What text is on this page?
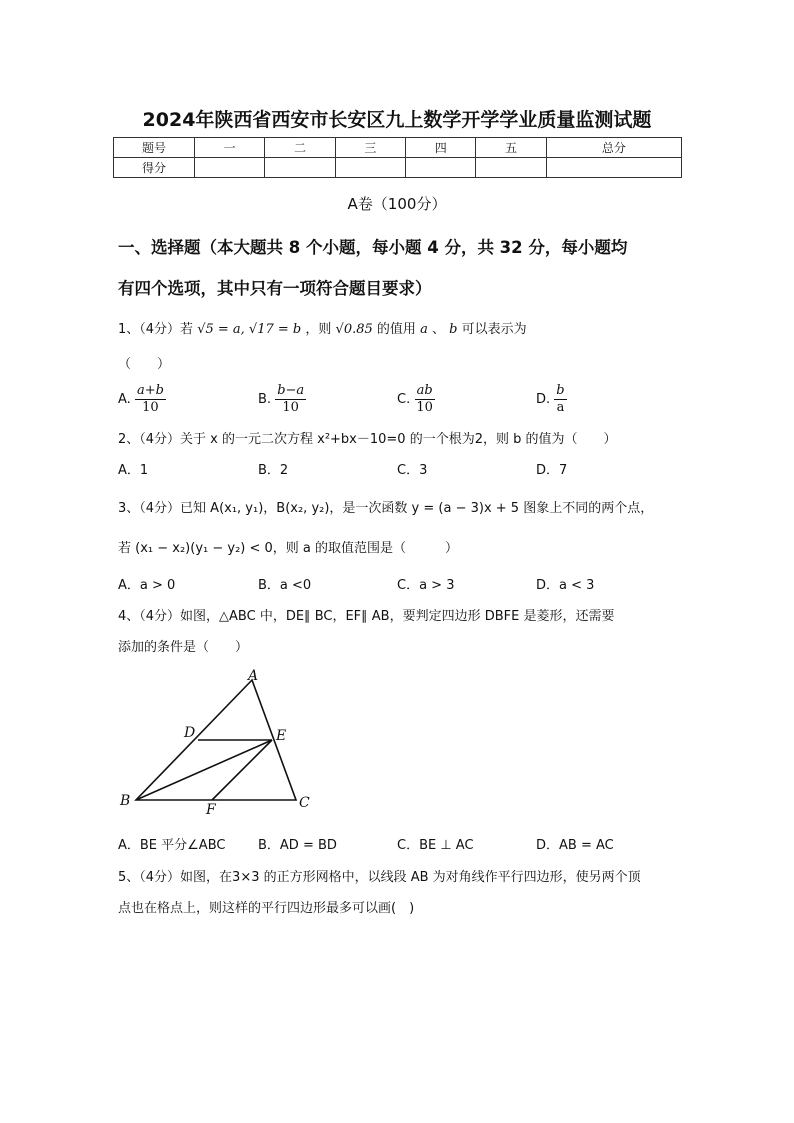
2024年陕西省西安市长安区九上数学开学学业质量监测试题
题号	一	二	三	四	五	总分
得分						
A卷（100分）
一、选择题（本大题共 8 个小题，每小题 4 分，共 32 分，每小题均
有四个选项，其中只有一项符合题目要求）
1、（4分）若 √5 = a, √17 = b ，则 √0.85 的值用 a 、 b 可以表示为
（　　）
A. $\frac{a+b}{10}$	B. $\frac{b-a}{10}$	C. $\frac{ab}{10}$	D. $\frac{b}{a}$
2、（4分）关于 x 的一元二次方程 x²+bx－10=0 的一个根为2，则 b 的值为（　　）
A．1	B．2	C．3	D．7
3、（4分）已知 A(x₁, y₁)，B(x₂, y₂)，是一次函数 y = (a − 3)x + 5 图象上不同的两个点，
若 (x₁ − x₂)(y₁ − y₂) < 0，则 a 的取值范围是（　　　）
A．a > 0	B．a <0	C．a > 3	D．a < 3
4、（4分）如图，△ABC 中，DE∥ BC，EF∥ AB，要判定四边形 DBFE 是菱形，还需要
添加的条件是（　　）
A
D	E
B
F	C
A．BE 平分∠ABC	B．AD = BD	C．BE ⊥ AC	D．AB = AC
5、（4分）如图，在3×3 的正方形网格中，以线段 AB 为对角线作平行四边形，使另两个顶
点也在格点上，则这样的平行四边形最多可以画(　)
